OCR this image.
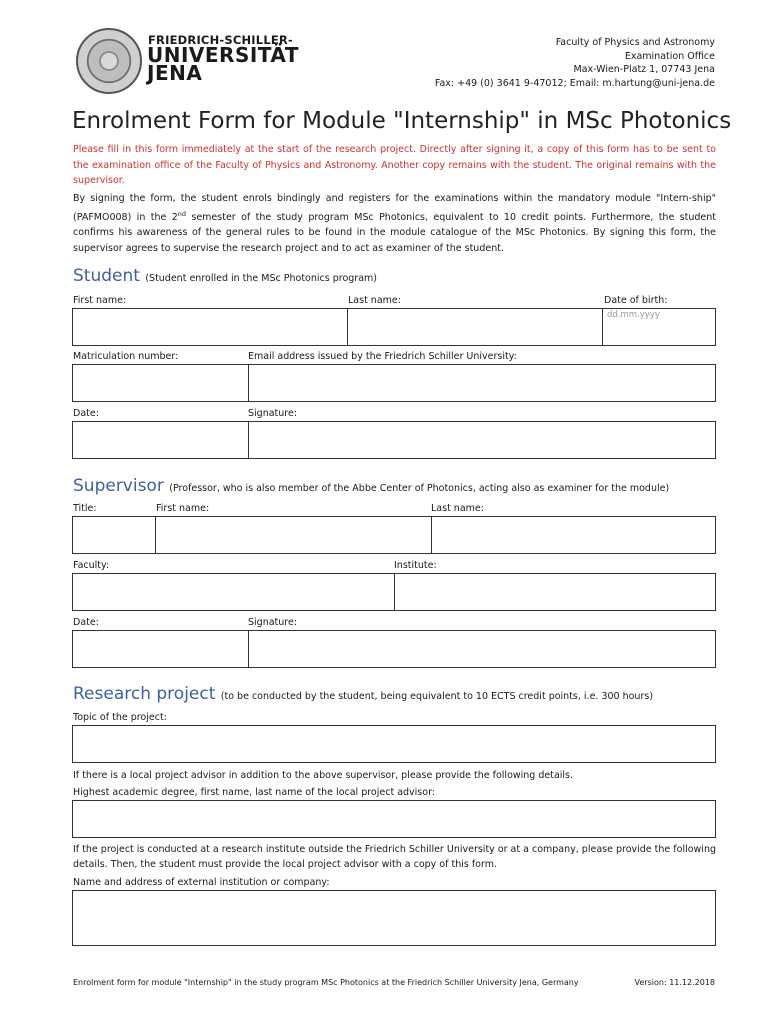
FRIEDRICH-SCHILLER-
UNIVERSITÄT
JENA
Faculty of Physics and Astronomy
Examination Office
Max-Wien-Platz 1, 07743 Jena
Fax: +49 (0) 3641 9-47012; Email: m.hartung@uni-jena.de
Enrolment Form for Module "Internship" in MSc Photonics
Please fill in this form immediately at the start of the research project. Directly after signing it, a copy of this form has to be sent to the examination office of the Faculty of Physics and Astronomy. Another copy remains with the student. The original remains with the supervisor.
By signing the form, the student enrols bindingly and registers for the examinations within the mandatory module "Intern-ship" (PAFMO008) in the 2nd semester of the study program MSc Photonics, equivalent to 10 credit points. Furthermore, the student confirms his awareness of the general rules to be found in the module catalogue of the MSc Photonics. By signing this form, the supervisor agrees to supervise the research project and to act as examiner of the student.
Student (Student enrolled in the MSc Photonics program)
First name:	Last name:	Date of birth:
dd.mm.yyyy
Matriculation number:	Email address issued by the Friedrich Schiller University:
Date:	Signature:
Supervisor (Professor, who is also member of the Abbe Center of Photonics, acting also as examiner for the module)
Title:	First name:	Last name:
Faculty:	Institute:
Date:	Signature:
Research project (to be conducted by the student, being equivalent to 10 ECTS credit points, i.e. 300 hours)
Topic of the project:
If there is a local project advisor in addition to the above supervisor, please provide the following details.
Highest academic degree, first name, last name of the local project advisor:
If the project is conducted at a research institute outside the Friedrich Schiller University or at a company, please provide the following details. Then, the student must provide the local project advisor with a copy of this form.
Name and address of external institution or company:
Enrolment form for module "Internship" in the study program MSc Photonics at the Friedrich Schiller University Jena, Germany	Version: 11.12.2018
